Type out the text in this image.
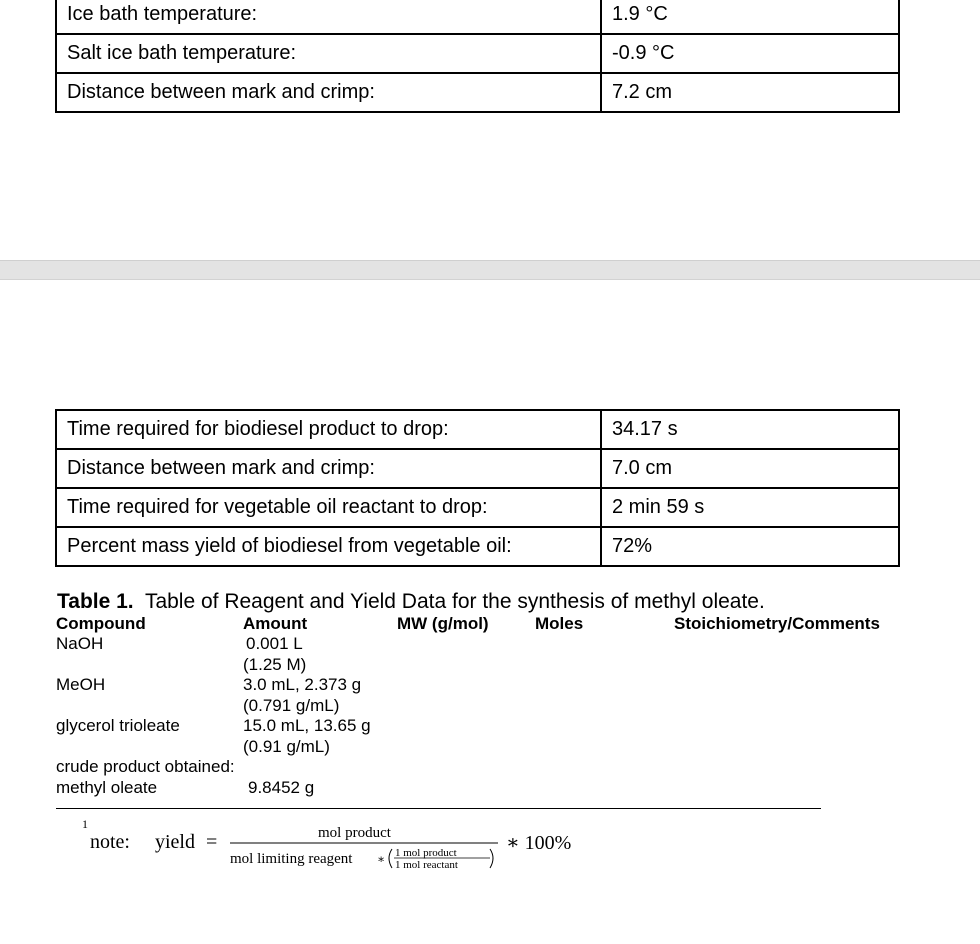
Ice bath temperature:	1.9 °C
Salt ice bath temperature:	-0.9 °C
Distance between mark and crimp:	7.2 cm
Time required for biodiesel product to drop:	34.17 s
Distance between mark and crimp:	7.0 cm
Time required for vegetable oil reactant to drop:	2 min 59 s
Percent mass yield of biodiesel from vegetable oil:	72%
Table 1. Table of Reagent and Yield Data for the synthesis of methyl oleate.
Compound	Amount	MW (g/mol)	Moles	Stoichiometry/Comments
NaOH	0.001 L
(1.25 M)
MeOH	3.0 mL, 2.373 g
(0.791 g/mL)
glycerol trioleate	15.0 mL, 13.65 g
(0.91 g/mL)
crude product obtained:
methyl oleate	9.8452 g
1
note: yield =	mol product
mol limiting reagent ∗ 1 mol product
1 mol reactant
∗ 100%
